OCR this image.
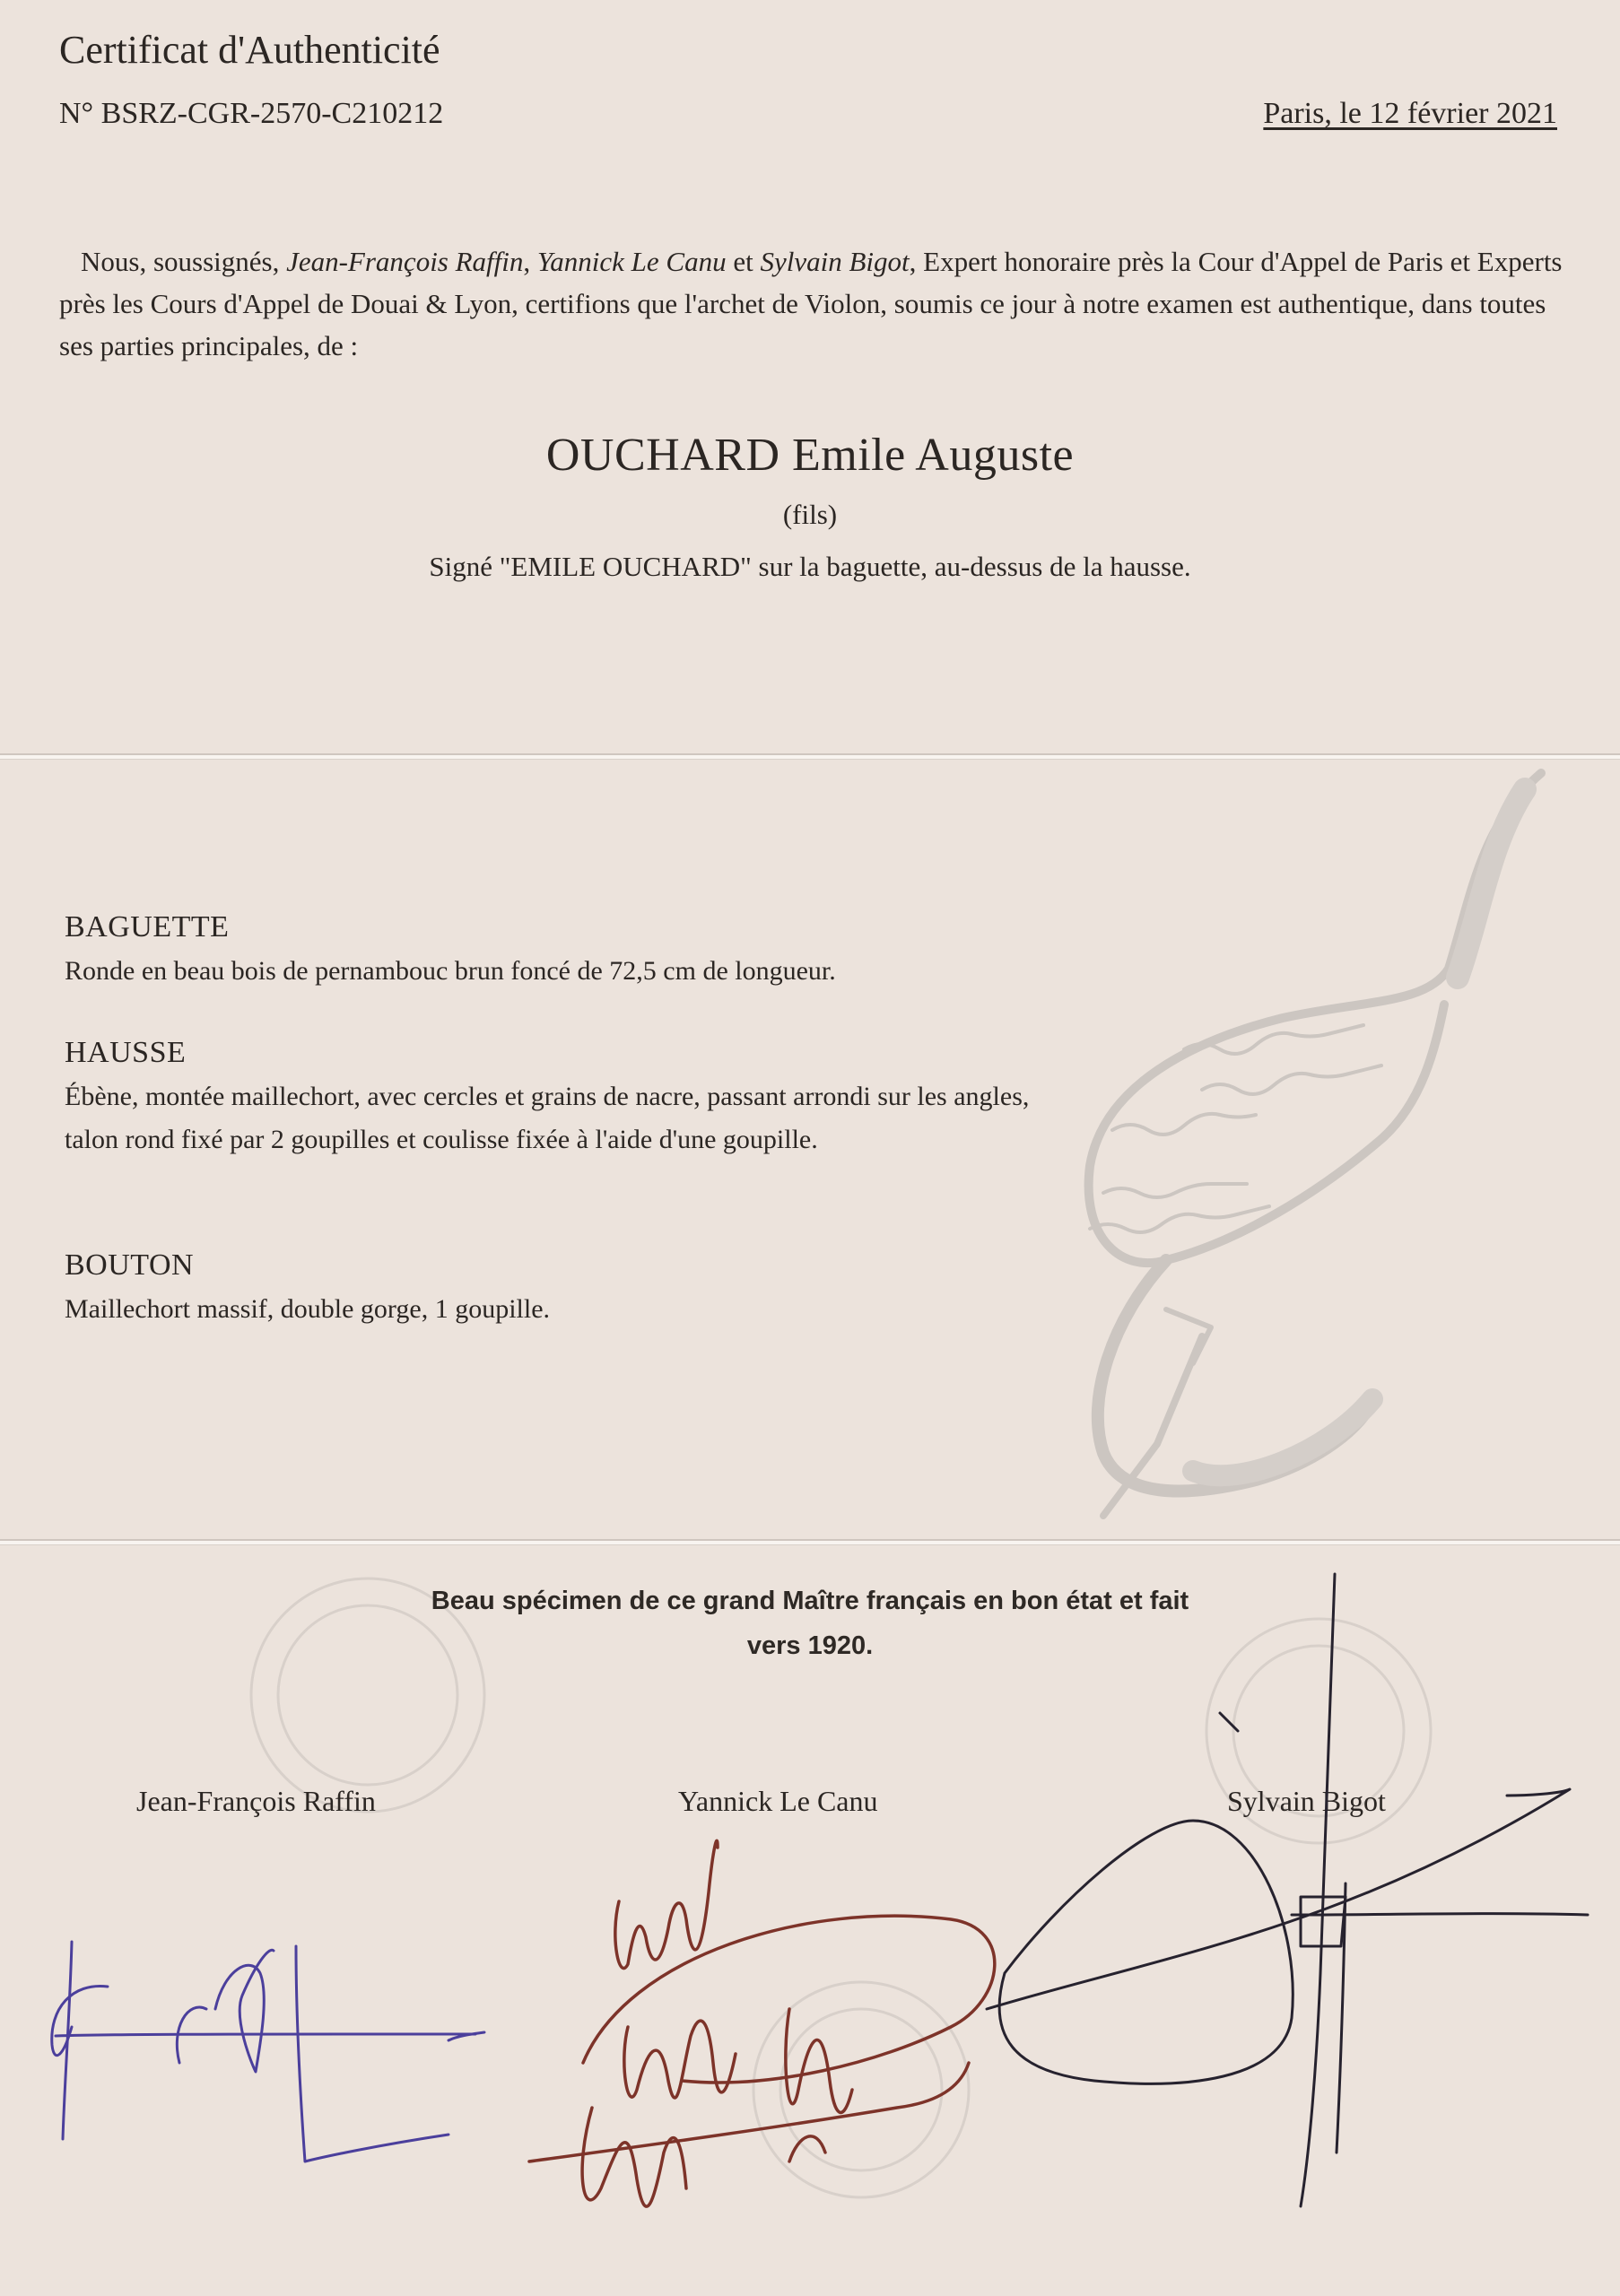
Certificat d'Authenticité
N° BSRZ-CGR-2570-C210212	Paris, le 12 février 2021
Nous, soussignés, Jean-François Raffin, Yannick Le Canu et Sylvain Bigot, Expert honoraire près la Cour d'Appel de Paris et Experts près les Cours d'Appel de Douai & Lyon, certifions que l'archet de Violon, soumis ce jour à notre examen est authentique, dans toutes ses parties principales, de :
OUCHARD Emile Auguste
(fils)
Signé "EMILE OUCHARD" sur la baguette, au-dessus de la hausse.
BAGUETTE

Ronde en beau bois de pernambouc brun foncé de 72,5 cm de longueur.

HAUSSE

Ébène, montée maillechort, avec cercles et grains de nacre, passant arrondi sur les angles, talon rond fixé par 2 goupilles et coulisse fixée à l'aide d'une goupille.

BOUTON

Maillechort massif, double gorge, 1 goupille.

Beau spécimen de ce grand Maître français en bon état et fait
vers 1920.
Jean-François Raffin	Yannick Le Canu	Sylvain Bigot
